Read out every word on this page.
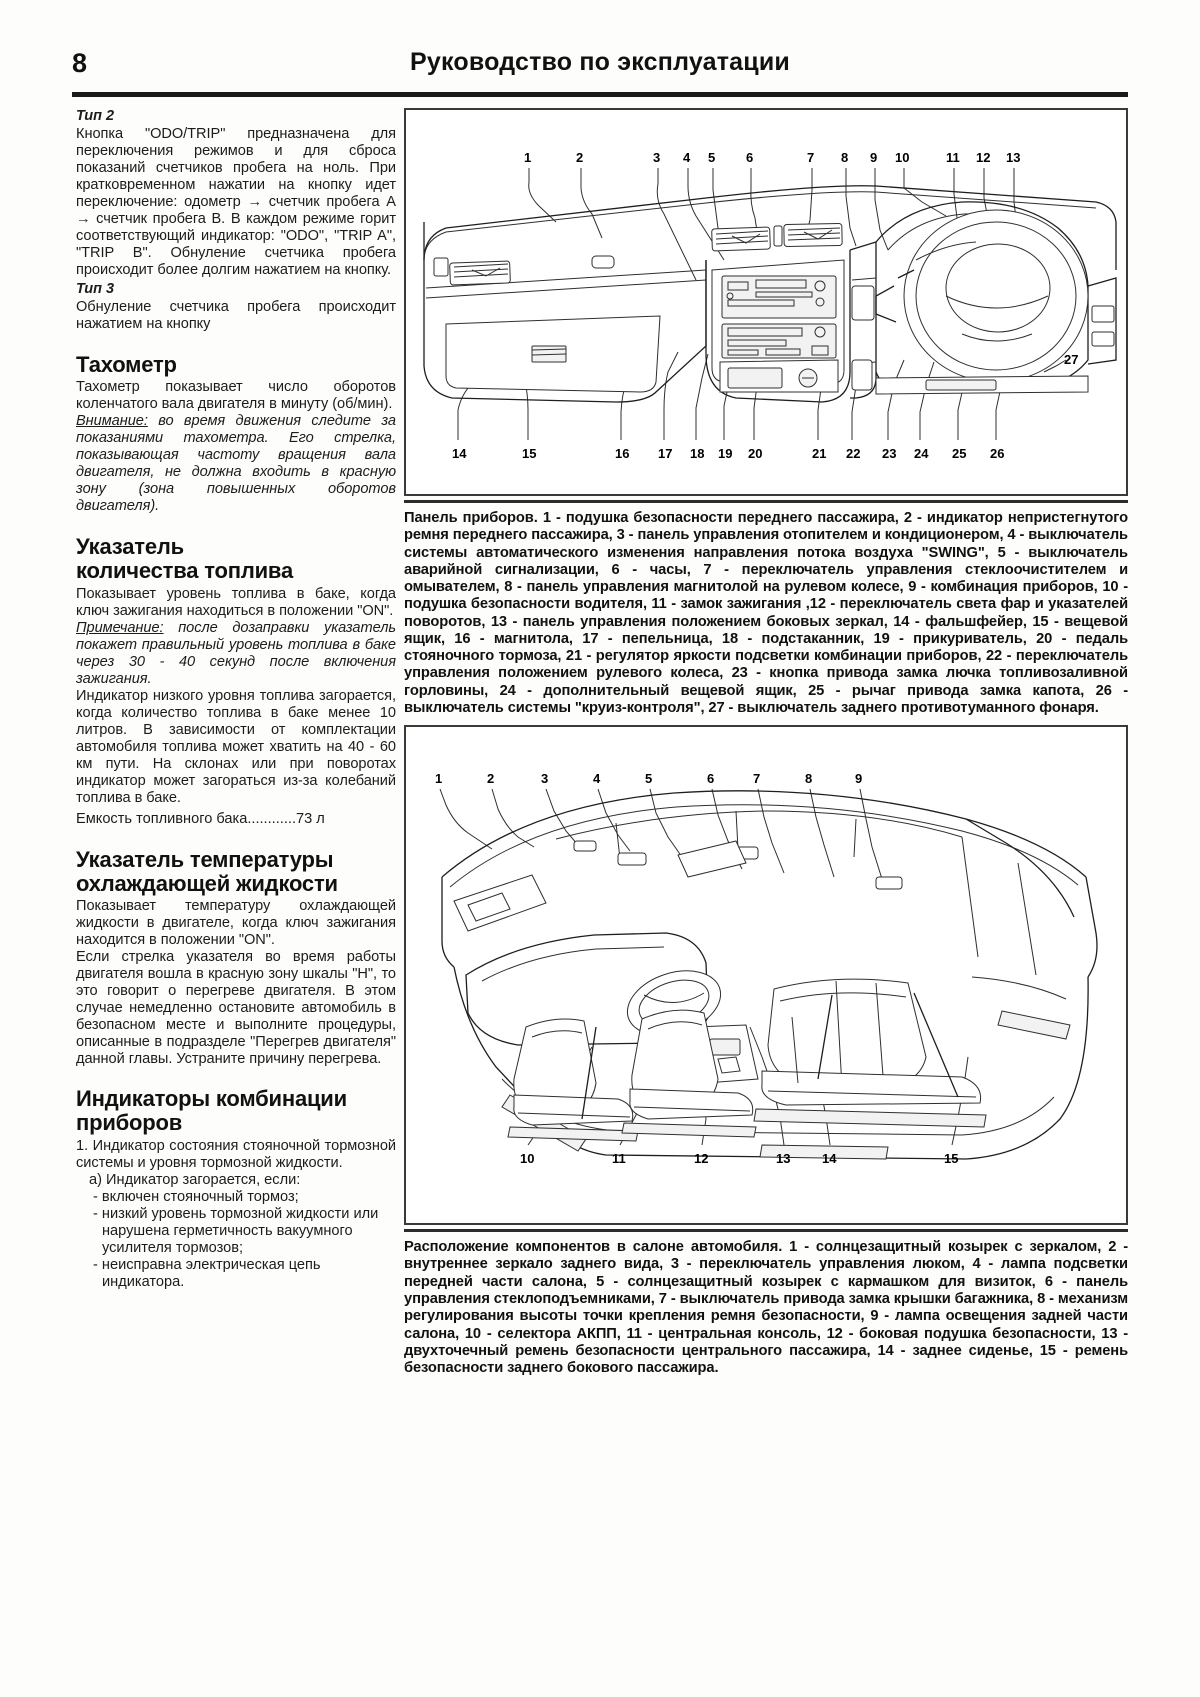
8	Руководство по эксплуатации
Тип 2

Кнопка "ODO/TRIP" предназначена для переключения режимов и для сброса показаний счетчиков пробега на ноль. При кратковременном нажатии на кнопку идет переключение: одометр → счетчик пробега А → счетчик пробега В. В каждом режиме горит соответствующий индикатор: "ODO", "TRIP A", "TRIP B". Обнуление счетчика пробега происходит более долгим нажатием на кнопку.

Тип 3

Обнуление счетчика пробега происходит нажатием на кнопку

Тахометр

Тахометр показывает число оборотов коленчатого вала двигателя в минуту (об/мин).

Внимание: во время движения следите за показаниями тахометра. Его стрелка, показывающая частоту вращения вала двигателя, не должна входить в красную зону (зона повышенных оборотов двигателя).

Указатель
количества топлива

Показывает уровень топлива в баке, когда ключ зажигания находиться в положении "ON".

Примечание: после дозаправки указатель покажет правильный уровень топлива в баке через 30 - 40 секунд после включения зажигания.

Индикатор низкого уровня топлива загорается, когда количество топлива в баке менее 10 литров. В зависимости от комплектации автомобиля топлива может хватить на 40 - 60 км пути. На склонах или при поворотах индикатор может загораться из-за колебаний топлива в баке.

Емкость топливного бака............73 л

Указатель температуры
охлаждающей жидкости

Показывает температуру охлаждающей жидкости в двигателе, когда ключ зажигания находится в положении "ON".

Если стрелка указателя во время работы двигателя вошла в красную зону шкалы "H", то это говорит о перегреве двигателя. В этом случае немедленно остановите автомобиль в безопасном месте и выполните процедуры, описанные в подразделе "Перегрев двигателя" данной главы. Устраните причину перегрева.

Индикаторы комбинации
приборов

1. Индикатор состояния стояночной тормозной системы и уровня тормозной жидкости.

а) Индикатор загорается, если:

- включен стояночный тормоз;

- низкий уровень тормозной жидкости или нарушена герметичность вакуумного усилителя тормозов;

- неисправна электрическая цепь индикатора.

1	2	3 4 5 6	7 8 9 10	11 12 13
14	15	16 17 18 19 20	21 22 23 24 25 26
27
Панель приборов. 1 - подушка безопасности переднего пассажира, 2 - индикатор непристегнутого ремня переднего пассажира, 3 - панель управления отопителем и кондиционером, 4 - выключатель системы автоматического изменения направления потока воздуха "SWING", 5 - выключатель аварийной сигнализации, 6 - часы, 7 - переключатель управления стеклоочистителем и омывателем, 8 - панель управления магнитолой на рулевом колесе, 9 - комбинация приборов, 10 - подушка безопасности водителя, 11 - замок зажигания ,12 - переключатель света фар и указателей поворотов, 13 - панель управления положением боковых зеркал, 14 - фальшфейер, 15 - вещевой ящик, 16 - магнитола, 17 - пепельница, 18 - подстаканник, 19 - прикуриватель, 20 - педаль стояночного тормоза, 21 - регулятор яркости подсветки комбинации приборов, 22 - переключатель управления положением рулевого колеса, 23 - кнопка привода замка лючка топливозаливной горловины, 24 - дополнительный вещевой ящик, 25 - рычаг привода замка капота, 26 - выключатель системы "круиз-контроля", 27 - выключатель заднего противотуманного фонаря.
1	2	3	4	5	6	7	8	9
10	11	12	13 14	15
Расположение компонентов в салоне автомобиля. 1 - солнцезащитный козырек с зеркалом, 2 - внутреннее зеркало заднего вида, 3 - переключатель управления люком, 4 - лампа подсветки передней части салона, 5 - солнцезащитный козырек с кармашком для визиток, 6 - панель управления стеклоподъемниками, 7 - выключатель привода замка крышки багажника, 8 - механизм регулирования высоты точки крепления ремня безопасности, 9 - лампа освещения задней части салона, 10 - селектора АКПП, 11 - центральная консоль, 12 - боковая подушка безопасности, 13 - двухточечный ремень безопасности центрального пассажира, 14 - заднее сиденье, 15 - ремень безопасности заднего бокового пассажира.
